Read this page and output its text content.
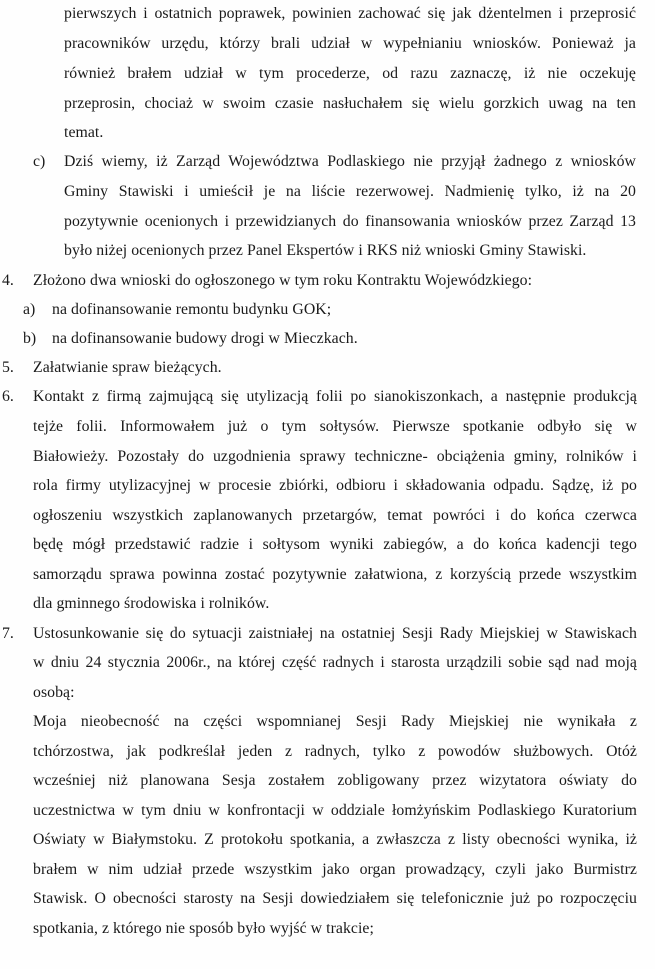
c)
4.
a)
b)
5.
6.
7.
pierwszych i ostatnich poprawek, powinien zachować się jak dżentelmen i przeprosić
pracowników urzędu, którzy brali udział w wypełnianiu wniosków. Ponieważ ja
również brałem udział w tym procederze, od razu zaznaczę, iż nie oczekuję
przeprosin, chociaż w swoim czasie nasłuchałem się wielu gorzkich uwag na ten
temat.
Dziś wiemy, iż Zarząd Województwa Podlaskiego nie przyjął żadnego z wniosków
Gminy Stawiski i umieścił je na liście rezerwowej. Nadmienię tylko, iż na 20
pozytywnie ocenionych i przewidzianych do finansowania wniosków przez Zarząd 13
było niżej ocenionych przez Panel Ekspertów i RKS niż wnioski Gminy Stawiski.
Złożono dwa wnioski do ogłoszonego w tym roku Kontraktu Wojewódzkiego:
na dofinansowanie remontu budynku GOK;
na dofinansowanie budowy drogi w Mieczkach.
Załatwianie spraw bieżących.
Kontakt z firmą zajmującą się utylizacją folii po sianokiszonkach, a następnie produkcją
tejże folii. Informowałem już o tym sołtysów. Pierwsze spotkanie odbyło się w
Białowieży. Pozostały do uzgodnienia sprawy techniczne- obciążenia gminy, rolników i
rola firmy utylizacyjnej w procesie zbiórki, odbioru i składowania odpadu. Sądzę, iż po
ogłoszeniu wszystkich zaplanowanych przetargów, temat powróci i do końca czerwca
będę mógł przedstawić radzie i sołtysom wyniki zabiegów, a do końca kadencji tego
samorządu sprawa powinna zostać pozytywnie załatwiona, z korzyścią przede wszystkim
dla gminnego środowiska i rolników.
Ustosunkowanie się do sytuacji zaistniałej na ostatniej Sesji Rady Miejskiej w Stawiskach
w dniu 24 stycznia 2006r., na której część radnych i starosta urządzili sobie sąd nad moją
osobą:
Moja nieobecność na części wspomnianej Sesji Rady Miejskiej nie wynikała z
tchórzostwa, jak podkreślał jeden z radnych, tylko z powodów służbowych. Otóż
wcześniej niż planowana Sesja zostałem zobligowany przez wizytatora oświaty do
uczestnictwa w tym dniu w konfrontacji w oddziale łomżyńskim Podlaskiego Kuratorium
Oświaty w Białymstoku. Z protokołu spotkania, a zwłaszcza z listy obecności wynika, iż
brałem w nim udział przede wszystkim jako organ prowadzący, czyli jako Burmistrz
Stawisk. O obecności starosty na Sesji dowiedziałem się telefonicznie już po rozpoczęciu
spotkania, z którego nie sposób było wyjść w trakcie;
